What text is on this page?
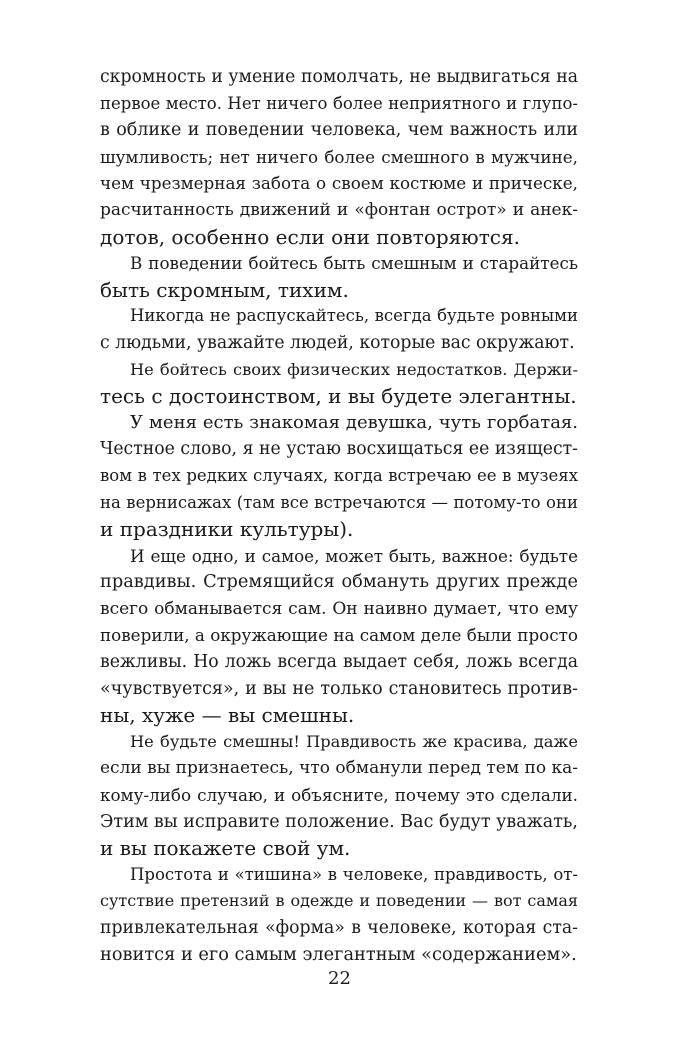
скромность и умение помолчать, не выдвигаться на
первое место. Нет ничего более неприятного и глупо-
в облике и поведении человека, чем важность или
шумливость; нет ничего более смешного в мужчине,
чем чрезмерная забота о своем костюме и прическе,
расчитанность движений и «фонтан острот» и анек-
дотов, особенно если они повторяются.
В поведении бойтесь быть смешным и старайтесь
быть скромным, тихим.
Никогда не распускайтесь, всегда будьте ровными
с людьми, уважайте людей, которые вас окружают.
Не бойтесь своих физических недостатков. Держи-
тесь с достоинством, и вы будете элегантны.
У меня есть знакомая девушка, чуть горбатая.
Честное слово, я не устаю восхищаться ее изящест-
вом в тех редких случаях, когда встречаю ее в музеях
на вернисажах (там все встречаются — потому-то они
и праздники культуры).
И еще одно, и самое, может быть, важное: будьте
правдивы. Стремящийся обмануть других прежде
всего обманывается сам. Он наивно думает, что ему
поверили, а окружающие на самом деле были просто
вежливы. Но ложь всегда выдает себя, ложь всегда
«чувствуется», и вы не только становитесь против-
ны, хуже — вы смешны.
Не будьте смешны! Правдивость же красива, даже
если вы признаетесь, что обманули перед тем по ка-
кому-либо случаю, и объясните, почему это сделали.
Этим вы исправите положение. Вас будут уважать,
и вы покажете свой ум.
Простота и «тишина» в человеке, правдивость, от-
сутствие претензий в одежде и поведении — вот самая
привлекательная «форма» в человеке, которая ста-
новится и его самым элегантным «содержанием».
22
